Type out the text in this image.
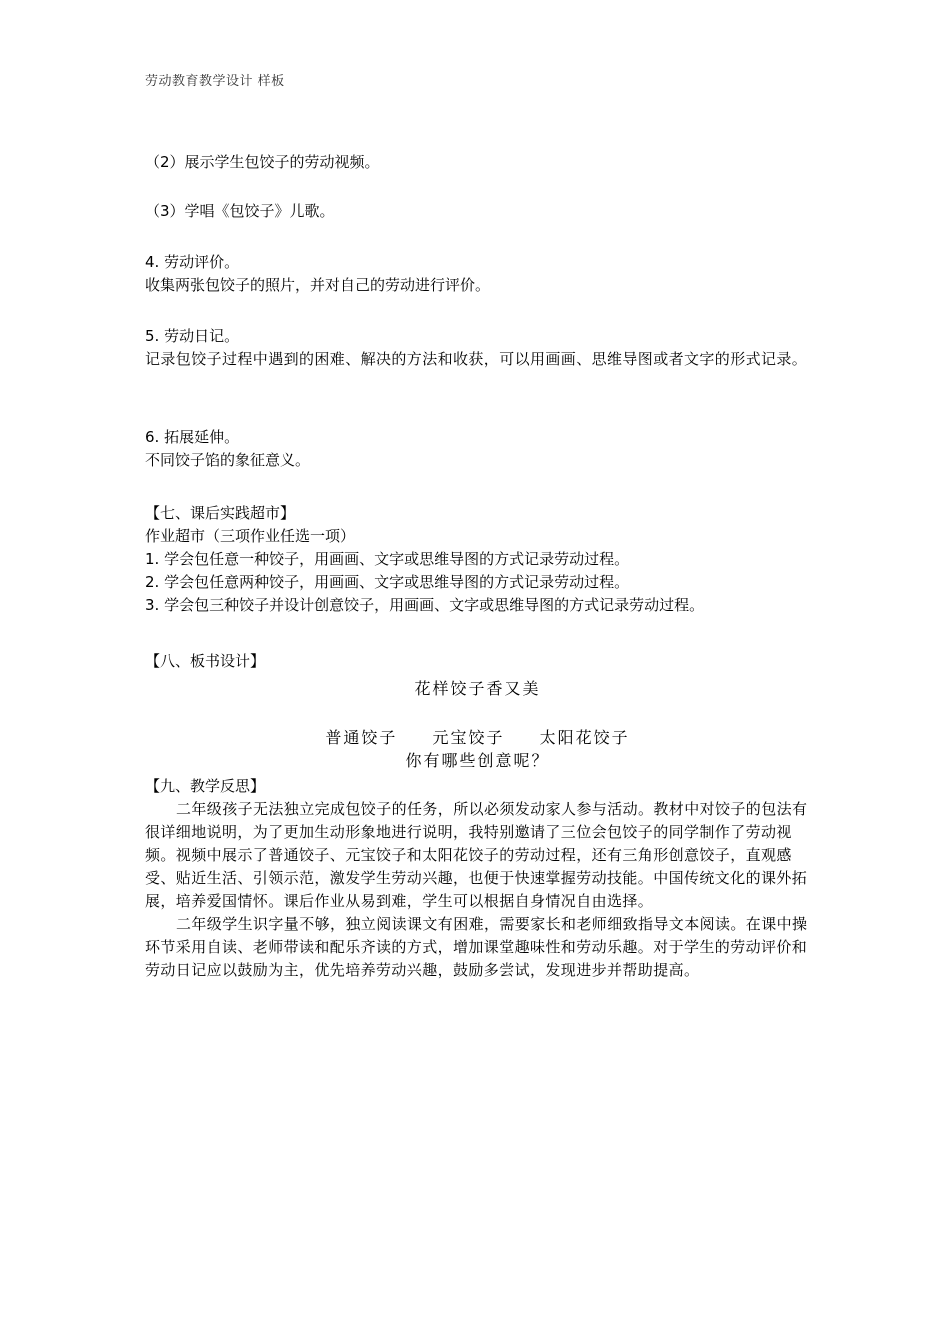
劳动教育教学设计 样板

（2）展示学生包饺子的劳动视频。

（3）学唱《包饺子》儿歌。

4. 劳动评价。

收集两张包饺子的照片，并对自己的劳动进行评价。

5. 劳动日记。

记录包饺子过程中遇到的困难、解决的方法和收获，可以用画画、思维导图或者文字的形式记录。

6. 拓展延伸。

不同饺子馅的象征意义。

【七、课后实践超市】

作业超市（三项作业任选一项）

1. 学会包任意一种饺子，用画画、文字或思维导图的方式记录劳动过程。

2. 学会包任意两种饺子，用画画、文字或思维导图的方式记录劳动过程。

3. 学会包三种饺子并设计创意饺子，用画画、文字或思维导图的方式记录劳动过程。

【八、板书设计】

花样饺子香又美
普通饺子 元宝饺子 太阳花饺子
你有哪些创意呢？

【九、教学反思】

二年级孩子无法独立完成包饺子的任务，所以必须发动家人参与活动。教材中对饺子的包法有很详细地说明，为了更加生动形象地进行说明，我特别邀请了三位会包饺子的同学制作了劳动视频。视频中展示了普通饺子、元宝饺子和太阳花饺子的劳动过程，还有三角形创意饺子，直观感受、贴近生活、引领示范，激发学生劳动兴趣，也便于快速掌握劳动技能。中国传统文化的课外拓展，培养爱国情怀。课后作业从易到难，学生可以根据自身情况自由选择。

二年级学生识字量不够，独立阅读课文有困难，需要家长和老师细致指导文本阅读。在课中操环节采用自读、老师带读和配乐齐读的方式，增加课堂趣味性和劳动乐趣。对于学生的劳动评价和劳动日记应以鼓励为主，优先培养劳动兴趣，鼓励多尝试，发现进步并帮助提高。
